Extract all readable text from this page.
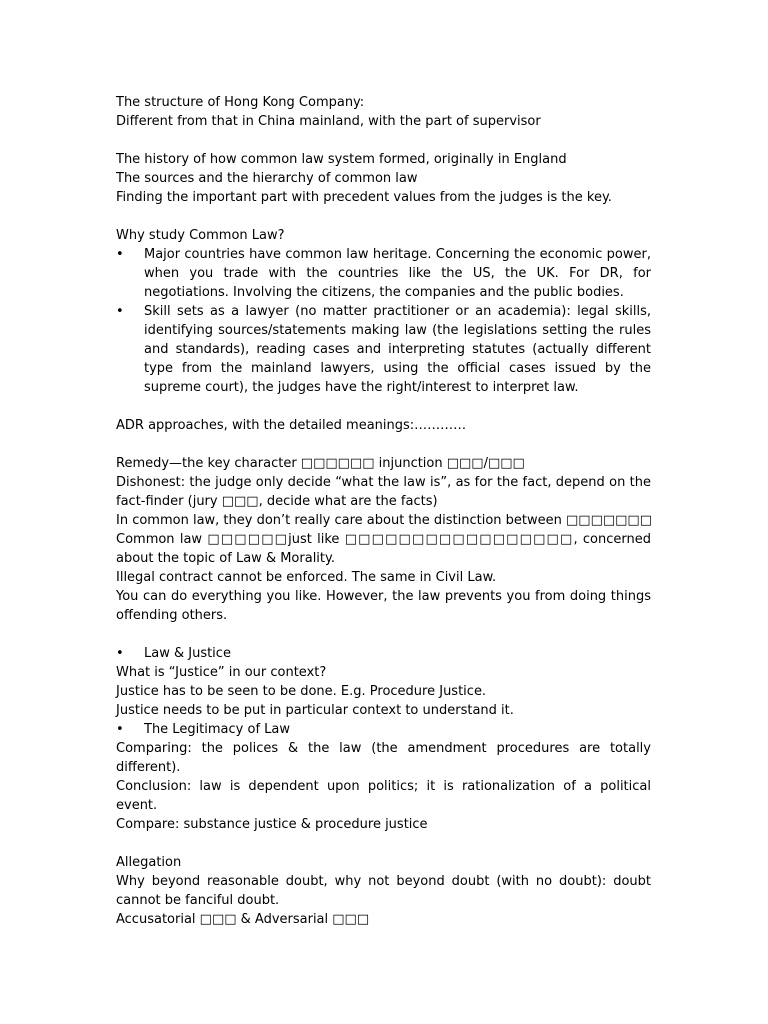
The structure of Hong Kong Company:
Different from that in China mainland, with the part of supervisor
The history of how common law system formed, originally in England
The sources and the hierarchy of common law
Finding the important part with precedent values from the judges is the key.
Why study Common Law?
• Major countries have common law heritage. Concerning the economic power, when you trade with the countries like the US, the UK. For DR, for negotiations. Involving the citizens, the companies and the public bodies.
• Skill sets as a lawyer (no matter practitioner or an academia): legal skills, identifying sources/statements making law (the legislations setting the rules and standards), reading cases and interpreting statutes (actually different type from the mainland lawyers, using the official cases issued by the supreme court), the judges have the right/interest to interpret law.
ADR approaches, with the detailed meanings:…………
Remedy—the key character □□□□□□ injunction □□□/□□□
Dishonest: the judge only decide “what the law is”, as for the fact, depend on the fact-finder (jury □□□, decide what are the facts)
In common law, they don’t really care about the distinction between □□□□□□□
Common law □□□□□□just like □□□□□□□□□□□□□□□□□, concerned about the topic of Law & Morality.
Illegal contract cannot be enforced. The same in Civil Law.
You can do everything you like. However, the law prevents you from doing things offending others.
• Law & Justice
What is “Justice” in our context?
Justice has to be seen to be done. E.g. Procedure Justice.
Justice needs to be put in particular context to understand it.
• The Legitimacy of Law
Comparing: the polices & the law (the amendment procedures are totally different).
Conclusion: law is dependent upon politics; it is rationalization of a political event.
Compare: substance justice & procedure justice
Allegation
Why beyond reasonable doubt, why not beyond doubt (with no doubt): doubt cannot be fanciful doubt.
Accusatorial □□□ & Adversarial □□□
